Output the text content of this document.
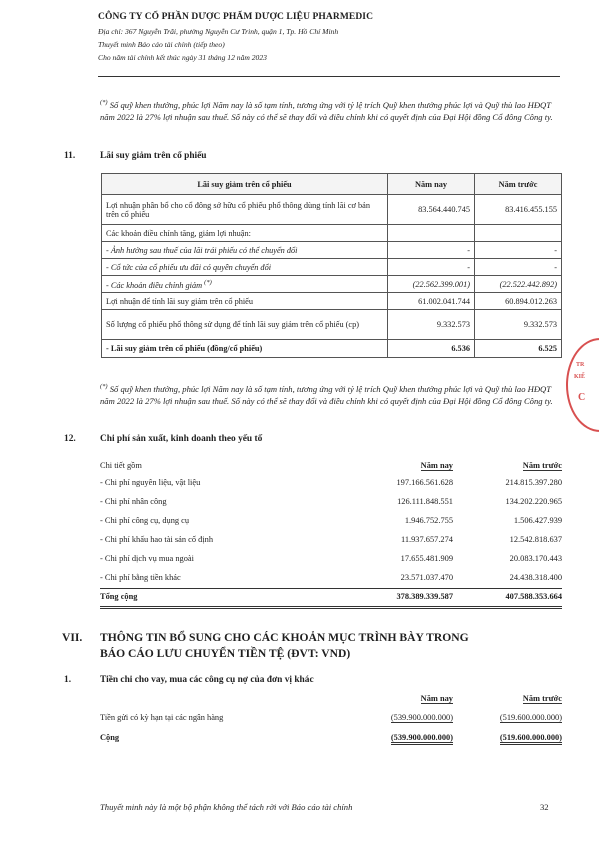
CÔNG TY CỔ PHẦN DƯỢC PHẨM DƯỢC LIỆU PHARMEDIC
Địa chỉ: 367 Nguyễn Trãi, phường Nguyễn Cư Trinh, quận 1, Tp. Hồ Chí Minh
Thuyết minh Báo cáo tài chính (tiếp theo)
Cho năm tài chính kết thúc ngày 31 tháng 12 năm 2023
(*) Số quỹ khen thưởng, phúc lợi Năm nay là số tạm tính, tương ứng với tỷ lệ trích Quỹ khen thưởng phúc lợi và Quỹ thù lao HĐQT năm 2022 là 27% lợi nhuận sau thuế. Số này có thể sẽ thay đổi và điều chỉnh khi có quyết định của Đại Hội đồng Cổ đông Công ty.
11.	Lãi suy giảm trên cổ phiếu
Lãi suy giảm trên cổ phiếu	Năm nay	Năm trước
Lợi nhuận phân bổ cho cổ đông sở hữu cổ phiếu phổ thông dùng tính lãi cơ bản trên cổ phiếu	83.564.440.745	83.416.455.155
Các khoản điều chỉnh tăng, giảm lợi nhuận:		
- Ảnh hưởng sau thuế của lãi trái phiếu có thể chuyển đổi	-	-
- Cổ tức của cổ phiếu ưu đãi có quyền chuyển đổi	-	-
- Các khoản điều chỉnh giảm (*)	(22.562.399.001)	(22.522.442.892)
Lợi nhuận để tính lãi suy giảm trên cổ phiếu	61.002.041.744	60.894.012.263
Số lượng cổ phiếu phổ thông sử dụng để tính lãi suy giảm trên cổ phiếu (cp)	9.332.573	9.332.573
- Lãi suy giảm trên cổ phiếu (đồng/cổ phiếu)	6.536	6.525
(*) Số quỹ khen thưởng, phúc lợi Năm nay là số tạm tính, tương ứng với tỷ lệ trích Quỹ khen thưởng phúc lợi và Quỹ thù lao HĐQT năm 2022 là 27% lợi nhuận sau thuế. Số này có thể sẽ thay đổi và điều chỉnh khi có quyết định của Đại Hội đồng Cổ đông Công ty.
12.	Chi phí sản xuất, kinh doanh theo yếu tố
Chi tiết gồm	Năm nay	Năm trước
- Chi phí nguyên liệu, vật liệu	197.166.561.628	214.815.397.280
- Chi phí nhân công	126.111.848.551	134.202.220.965
- Chi phí công cụ, dụng cụ	1.946.752.755	1.506.427.939
- Chi phí khấu hao tài sản cố định	11.937.657.274	12.542.818.637
- Chi phí dịch vụ mua ngoài	17.655.481.909	20.083.170.443
- Chi phí bằng tiền khác	23.571.037.470	24.438.318.400
Tổng cộng	378.389.339.587	407.588.353.664
VII. THÔNG TIN BỔ SUNG CHO CÁC KHOẢN MỤC TRÌNH BÀY TRONG
BÁO CÁO LƯU CHUYỂN TIỀN TỆ (ĐVT: VND)
1.	Tiền chi cho vay, mua các công cụ nợ của đơn vị khác
Năm nay	Năm trước
Tiền gửi có kỳ hạn tại các ngân hàng	(539.900.000.000)	(519.600.000.000)
Cộng	(539.900.000.000)	(519.600.000.000)
TR
KIỂ
C
Thuyết minh này là một bộ phận không thể tách rời với Báo cáo tài chính	32
